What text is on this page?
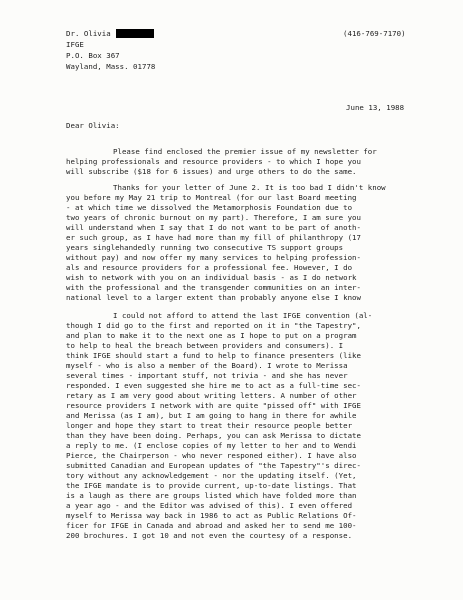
Dr. Olivia
IFGE
P.O. Box 367
Wayland, Mass. 01778
(416-769-7170)
June 13, 1988
Dear Olivia:
Please find enclosed the premier issue of my newsletter for
helping professionals and resource providers - to which I hope you
will subscribe ($18 for 6 issues) and urge others to do the same.
Thanks for your letter of June 2. It is too bad I didn't know
you before my May 21 trip to Montreal (for our last Board meeting
- at which time we dissolved the Metamorphosis Foundation due to
two years of chronic burnout on my part). Therefore, I am sure you
will understand when I say that I do not want to be part of anoth-
er such group, as I have had more than my fill of philanthropy (17
years singlehandedly running two consecutive TS support groups
without pay) and now offer my many services to helping profession-
als and resource providers for a professional fee. However, I do
wish to network with you on an individual basis - as I do network
with the professional and the transgender communities on an inter-
national level to a larger extent than probably anyone else I know
I could not afford to attend the last IFGE convention (al-
though I did go to the first and reported on it in "the Tapestry",
and plan to make it to the next one as I hope to put on a program
to help to heal the breach between providers and consumers). I
think IFGE should start a fund to help to finance presenters (like
myself - who is also a member of the Board). I wrote to Merissa
several times - important stuff, not trivia - and she has never
responded. I even suggested she hire me to act as a full-time sec-
retary as I am very good about writing letters. A number of other
resource providers I network with are quite "pissed off" with IFGE
and Merissa (as I am), but I am going to hang in there for awhile
longer and hope they start to treat their resource people better
than they have been doing. Perhaps, you can ask Merissa to dictate
a reply to me. (I enclose copies of my letter to her and to Wendi
Pierce, the Chairperson - who never responed either). I have also
submitted Canadian and European updates of "the Tapestry"'s direc-
tory without any acknowledgement - nor the updating itself. (Yet,
the IFGE mandate is to provide current, up-to-date listings. That
is a laugh as there are groups listed which have folded more than
a year ago - and the Editor was advised of this). I even offered
myself to Merissa way back in 1986 to act as Public Relations Of-
ficer for IFGE in Canada and abroad and asked her to send me 100-
200 brochures. I got 10 and not even the courtesy of a response.
